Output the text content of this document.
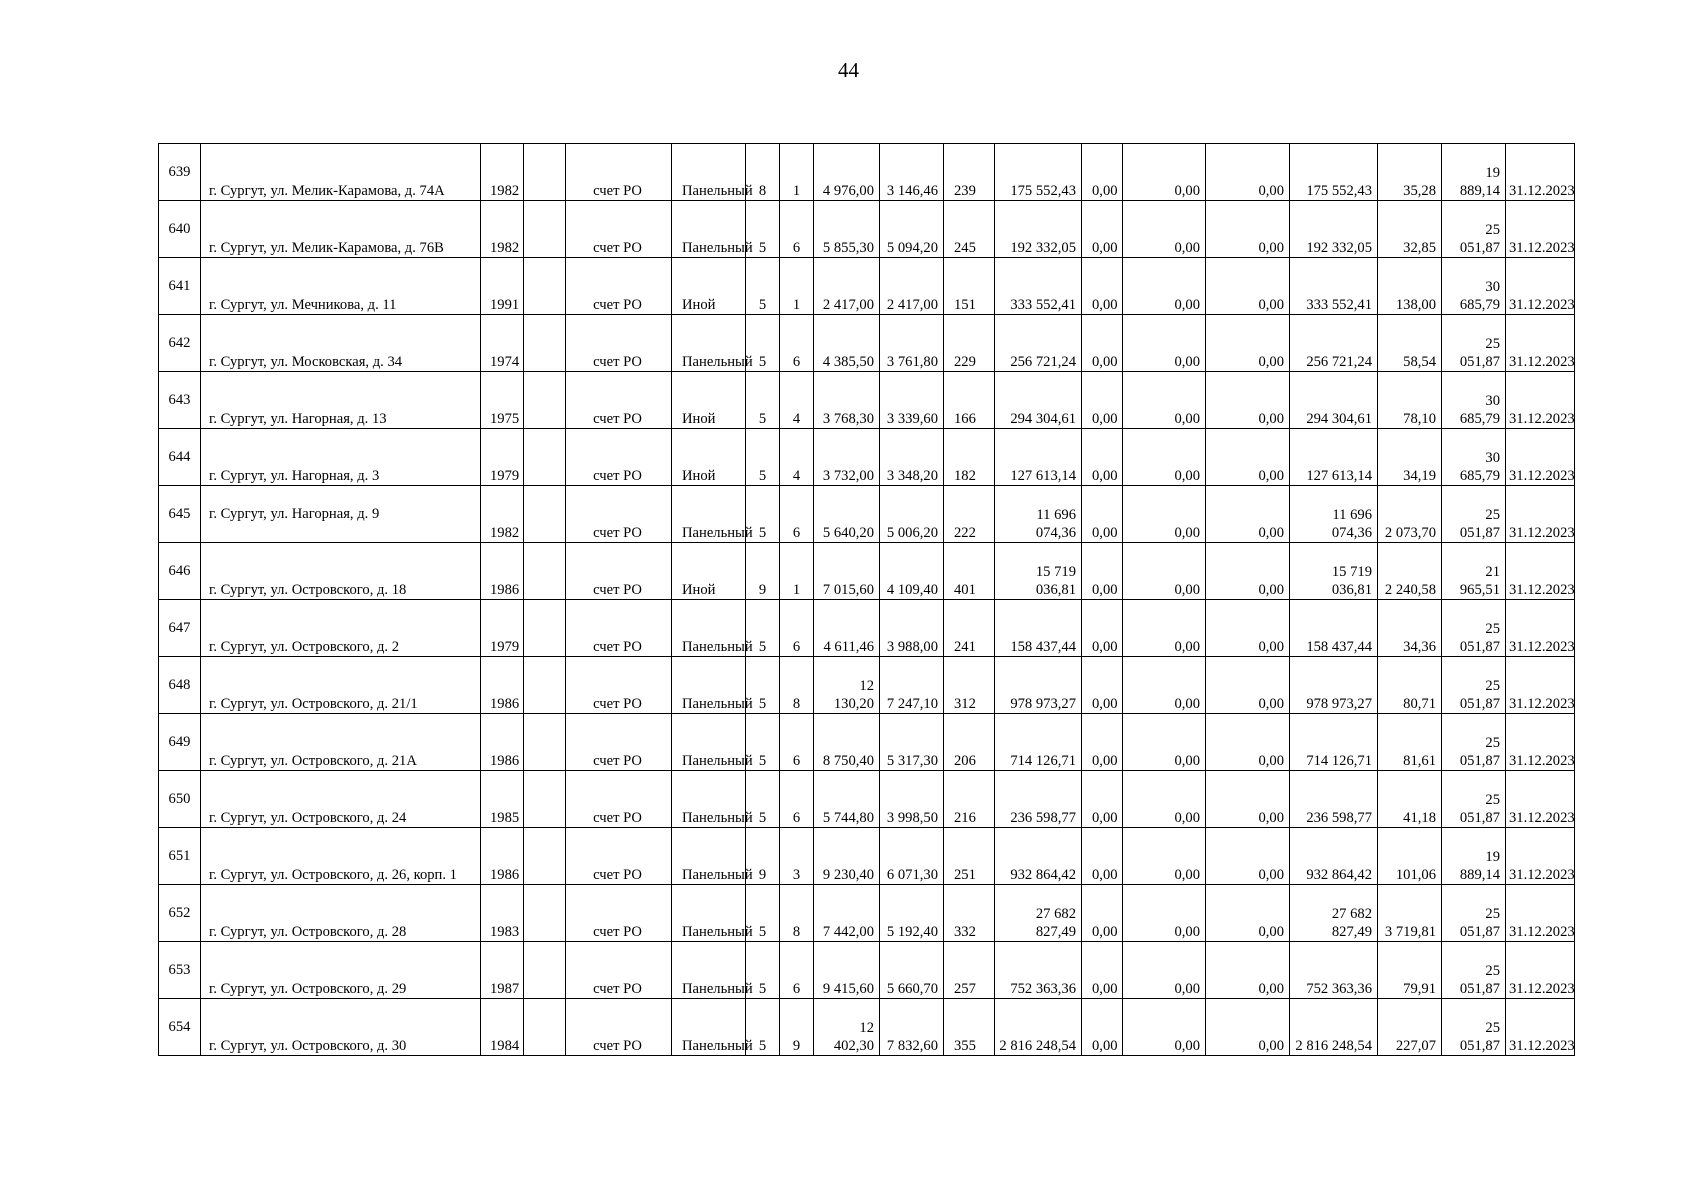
44
639	г. Сургут, ул. Мелик-Карамова, д. 74А	1982		счет РО	Панельный	8	1	4 976,00	3 146,46	239	175 552,43	0,00	0,00	0,00	175 552,43	35,28	19 889,14	31.12.2023
640	г. Сургут, ул. Мелик-Карамова, д. 76В	1982		счет РО	Панельный	5	6	5 855,30	5 094,20	245	192 332,05	0,00	0,00	0,00	192 332,05	32,85	25 051,87	31.12.2023
641	г. Сургут, ул. Мечникова, д. 11	1991		счет РО	Иной	5	1	2 417,00	2 417,00	151	333 552,41	0,00	0,00	0,00	333 552,41	138,00	30 685,79	31.12.2023
642	г. Сургут, ул. Московская, д. 34	1974		счет РО	Панельный	5	6	4 385,50	3 761,80	229	256 721,24	0,00	0,00	0,00	256 721,24	58,54	25 051,87	31.12.2023
643	г. Сургут, ул. Нагорная, д. 13	1975		счет РО	Иной	5	4	3 768,30	3 339,60	166	294 304,61	0,00	0,00	0,00	294 304,61	78,10	30 685,79	31.12.2023
644	г. Сургут, ул. Нагорная, д. 3	1979		счет РО	Иной	5	4	3 732,00	3 348,20	182	127 613,14	0,00	0,00	0,00	127 613,14	34,19	30 685,79	31.12.2023
645	г. Сургут, ул. Нагорная, д. 9	1982		счет РО	Панельный	5	6	5 640,20	5 006,20	222	11 696 074,36	0,00	0,00	0,00	11 696 074,36	2 073,70	25 051,87	31.12.2023
646	г. Сургут, ул. Островского, д. 18	1986		счет РО	Иной	9	1	7 015,60	4 109,40	401	15 719 036,81	0,00	0,00	0,00	15 719 036,81	2 240,58	21 965,51	31.12.2023
647	г. Сургут, ул. Островского, д. 2	1979		счет РО	Панельный	5	6	4 611,46	3 988,00	241	158 437,44	0,00	0,00	0,00	158 437,44	34,36	25 051,87	31.12.2023
648	г. Сургут, ул. Островского, д. 21/1	1986		счет РО	Панельный	5	8	12 130,20	7 247,10	312	978 973,27	0,00	0,00	0,00	978 973,27	80,71	25 051,87	31.12.2023
649	г. Сургут, ул. Островского, д. 21А	1986		счет РО	Панельный	5	6	8 750,40	5 317,30	206	714 126,71	0,00	0,00	0,00	714 126,71	81,61	25 051,87	31.12.2023
650	г. Сургут, ул. Островского, д. 24	1985		счет РО	Панельный	5	6	5 744,80	3 998,50	216	236 598,77	0,00	0,00	0,00	236 598,77	41,18	25 051,87	31.12.2023
651	г. Сургут, ул. Островского, д. 26, корп. 1	1986		счет РО	Панельный	9	3	9 230,40	6 071,30	251	932 864,42	0,00	0,00	0,00	932 864,42	101,06	19 889,14	31.12.2023
652	г. Сургут, ул. Островского, д. 28	1983		счет РО	Панельный	5	8	7 442,00	5 192,40	332	27 682 827,49	0,00	0,00	0,00	27 682 827,49	3 719,81	25 051,87	31.12.2023
653	г. Сургут, ул. Островского, д. 29	1987		счет РО	Панельный	5	6	9 415,60	5 660,70	257	752 363,36	0,00	0,00	0,00	752 363,36	79,91	25 051,87	31.12.2023
654	г. Сургут, ул. Островского, д. 30	1984		счет РО	Панельный	5	9	12 402,30	7 832,60	355	2 816 248,54	0,00	0,00	0,00	2 816 248,54	227,07	25 051,87	31.12.2023
